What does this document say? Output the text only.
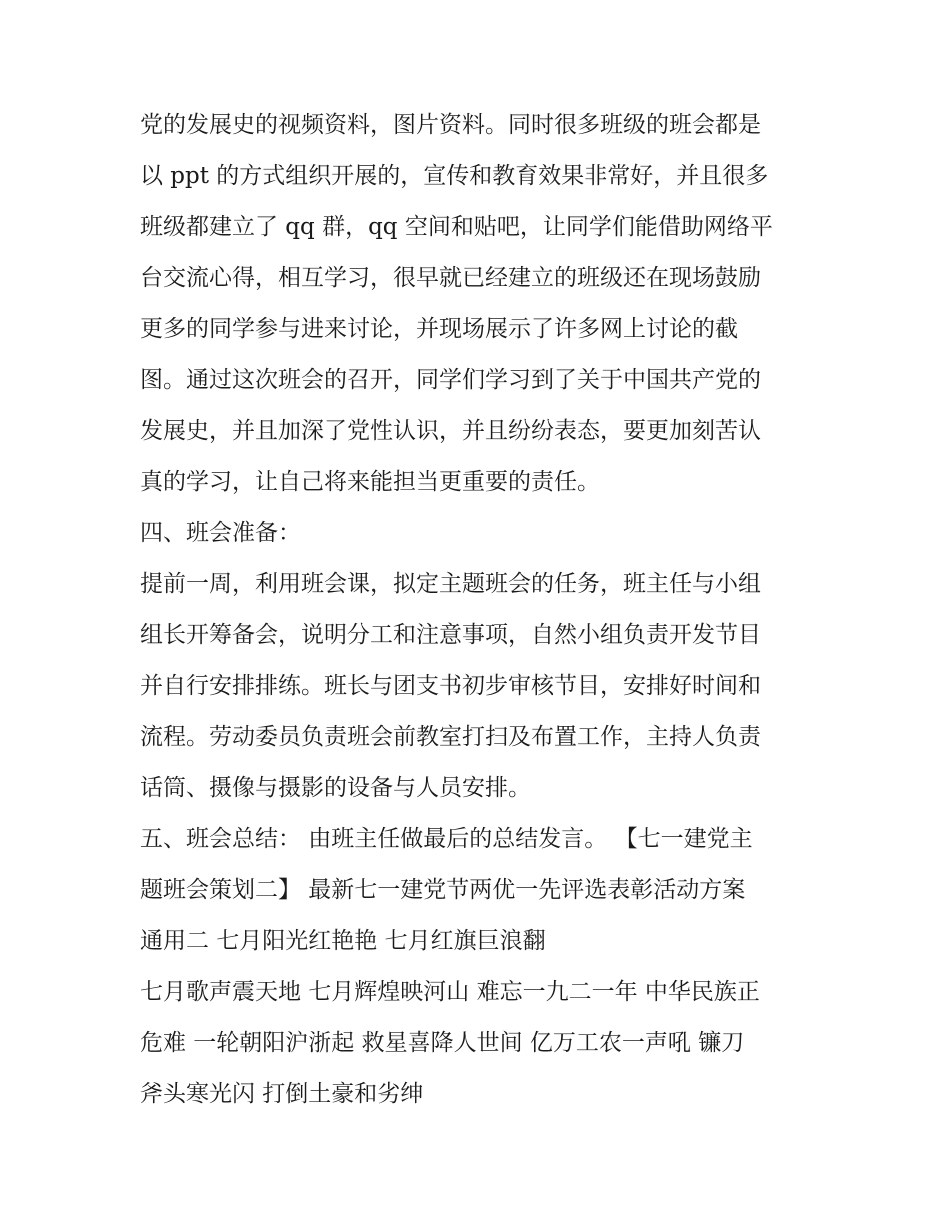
党的发展史的视频资料，图片资料。同时很多班级的班会都是

以 ppt 的方式组织开展的，宣传和教育效果非常好，并且很多

班级都建立了 qq 群，qq 空间和贴吧，让同学们能借助网络平

台交流心得，相互学习，很早就已经建立的班级还在现场鼓励

更多的同学参与进来讨论，并现场展示了许多网上讨论的截

图。通过这次班会的召开，同学们学习到了关于中国共产党的

发展史，并且加深了党性认识，并且纷纷表态，要更加刻苦认

真的学习，让自己将来能担当更重要的责任。

四、班会准备：

提前一周，利用班会课，拟定主题班会的任务，班主任与小组

组长开筹备会，说明分工和注意事项，自然小组负责开发节目

并自行安排排练。班长与团支书初步审核节目，安排好时间和

流程。劳动委员负责班会前教室打扫及布置工作，主持人负责

话筒、摄像与摄影的设备与人员安排。

五、班会总结： 由班主任做最后的总结发言。 【七一建党主

题班会策划二】 最新七一建党节两优一先评选表彰活动方案

通用二 七月阳光红艳艳 七月红旗巨浪翻

七月歌声震天地 七月辉煌映河山 难忘一九二一年 中华民族正

危难 一轮朝阳沪浙起 救星喜降人世间 亿万工农一声吼 镰刀

斧头寒光闪 打倒土豪和劣绅
